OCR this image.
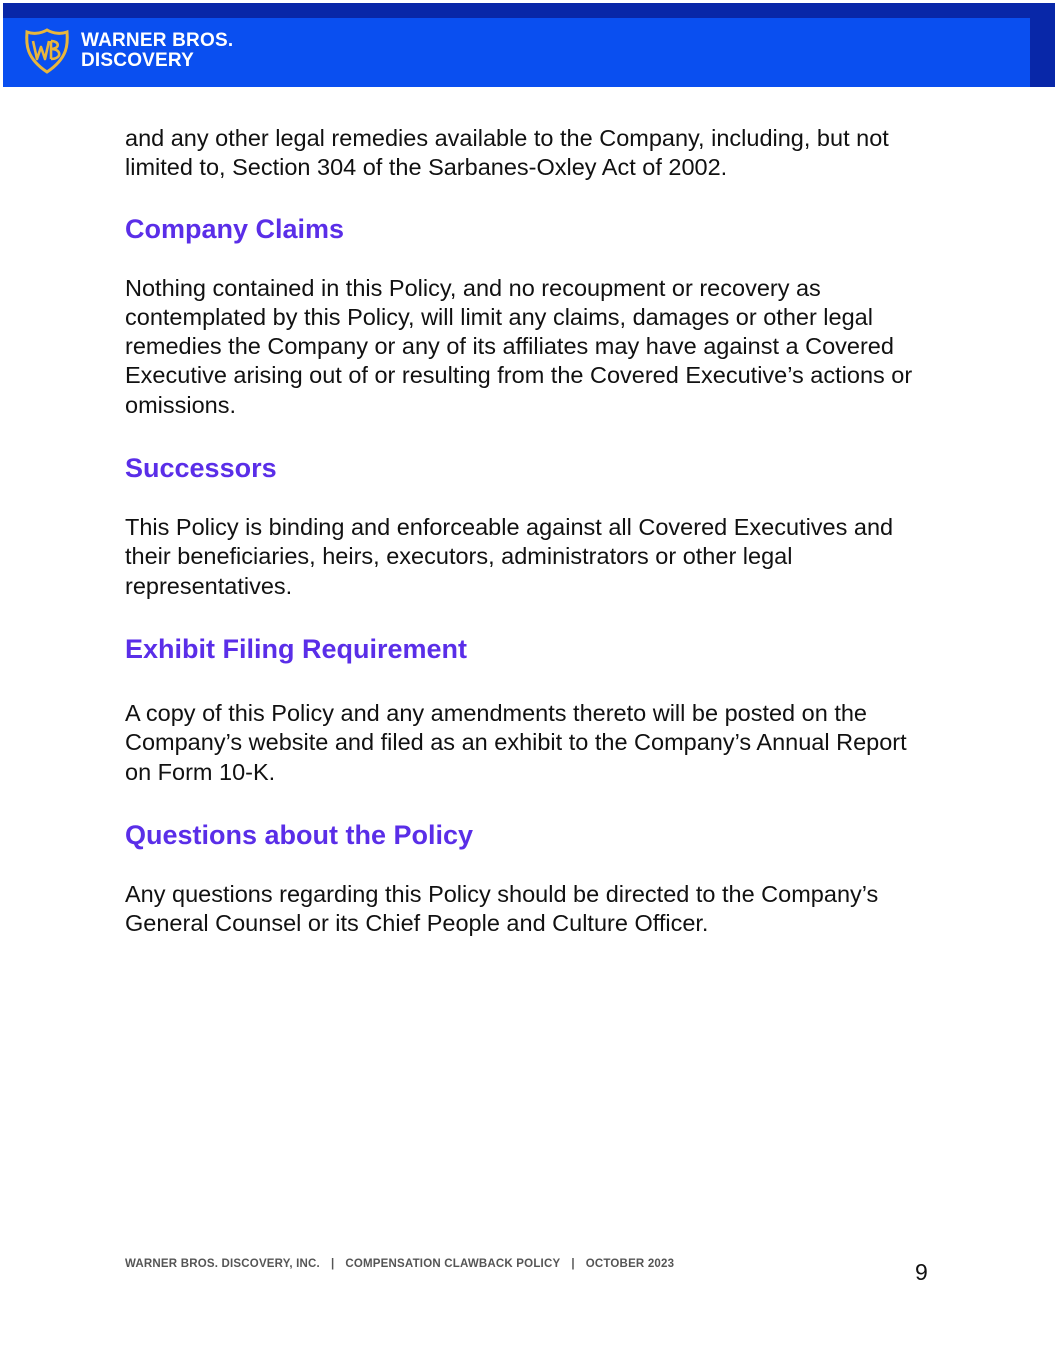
WARNER BROS.
DISCOVERY

and any other legal remedies available to the Company, including, but not limited to, Section 304 of the Sarbanes-Oxley Act of 2002.

Company Claims

Nothing contained in this Policy, and no recoupment or recovery as contemplated by this Policy, will limit any claims, damages or other legal remedies the Company or any of its affiliates may have against a Covered Executive arising out of or resulting from the Covered Executive’s actions or omissions.

Successors

This Policy is binding and enforceable against all Covered Executives and their beneficiaries, heirs, executors, administrators or other legal representatives.

Exhibit Filing Requirement

A copy of this Policy and any amendments thereto will be posted on the Company’s website and filed as an exhibit to the Company’s Annual Report on Form 10-K.

Questions about the Policy

Any questions regarding this Policy should be directed to the Company’s General Counsel or its Chief People and Culture Officer.

WARNER BROS. DISCOVERY, INC. | COMPENSATION CLAWBACK POLICY | OCTOBER 2023	9
